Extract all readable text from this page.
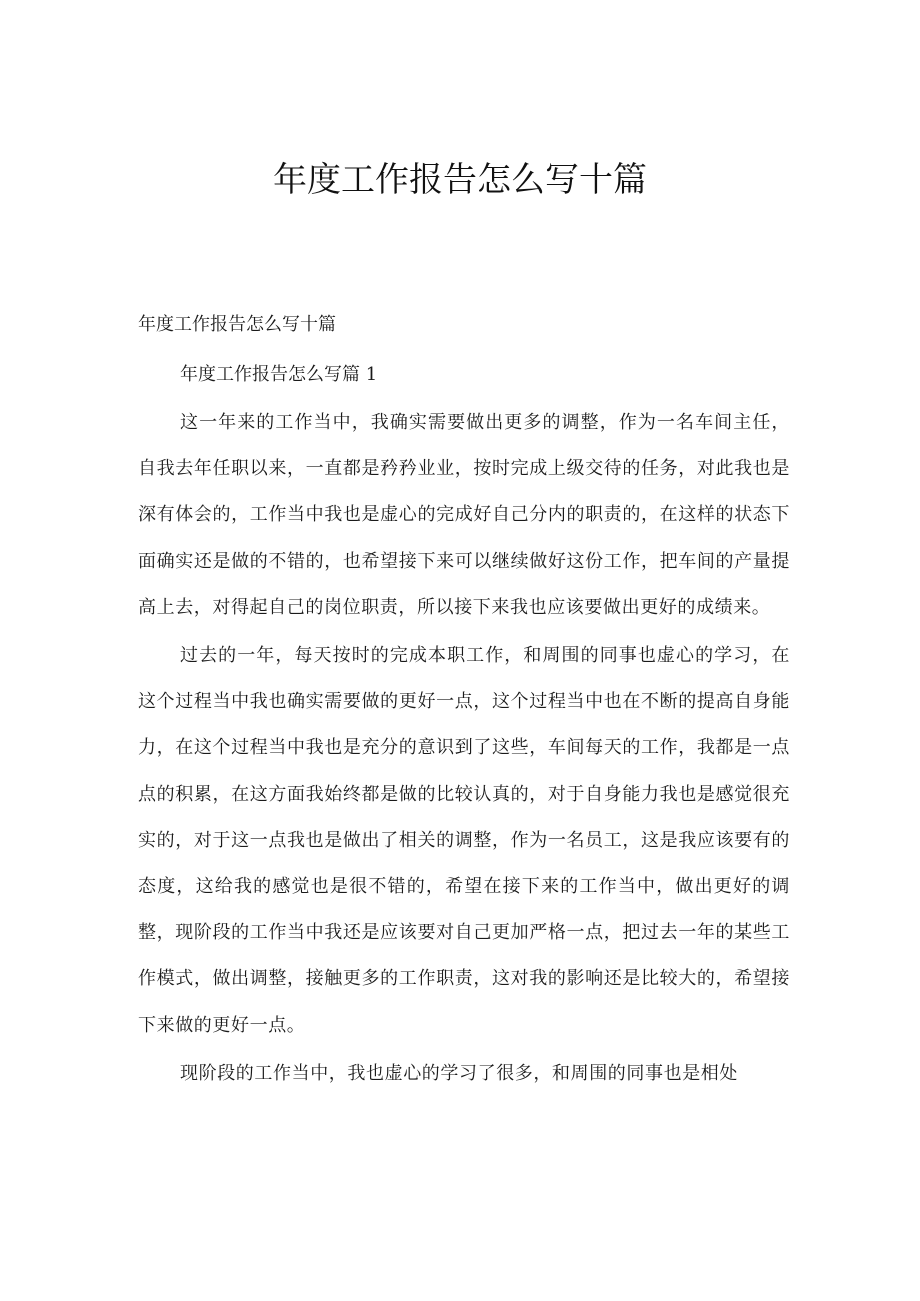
年度工作报告怎么写十篇

年度工作报告怎么写十篇

年度工作报告怎么写篇 1

这一年来的工作当中，我确实需要做出更多的调整，作为一名车间主任，自我去年任职以来，一直都是矜矜业业，按时完成上级交待的任务，对此我也是深有体会的，工作当中我也是虚心的完成好自己分内的职责的，在这样的状态下面确实还是做的不错的，也希望接下来可以继续做好这份工作，把车间的产量提高上去，对得起自己的岗位职责，所以接下来我也应该要做出更好的成绩来。

过去的一年，每天按时的完成本职工作，和周围的同事也虚心的学习，在这个过程当中我也确实需要做的更好一点，这个过程当中也在不断的提高自身能力，在这个过程当中我也是充分的意识到了这些，车间每天的工作，我都是一点点的积累，在这方面我始终都是做的比较认真的，对于自身能力我也是感觉很充实的，对于这一点我也是做出了相关的调整，作为一名员工，这是我应该要有的态度，这给我的感觉也是很不错的，希望在接下来的工作当中，做出更好的调整，现阶段的工作当中我还是应该要对自己更加严格一点，把过去一年的某些工作模式，做出调整，接触更多的工作职责，这对我的影响还是比较大的，希望接下来做的更好一点。

现阶段的工作当中，我也虚心的学习了很多，和周围的同事也是相处
